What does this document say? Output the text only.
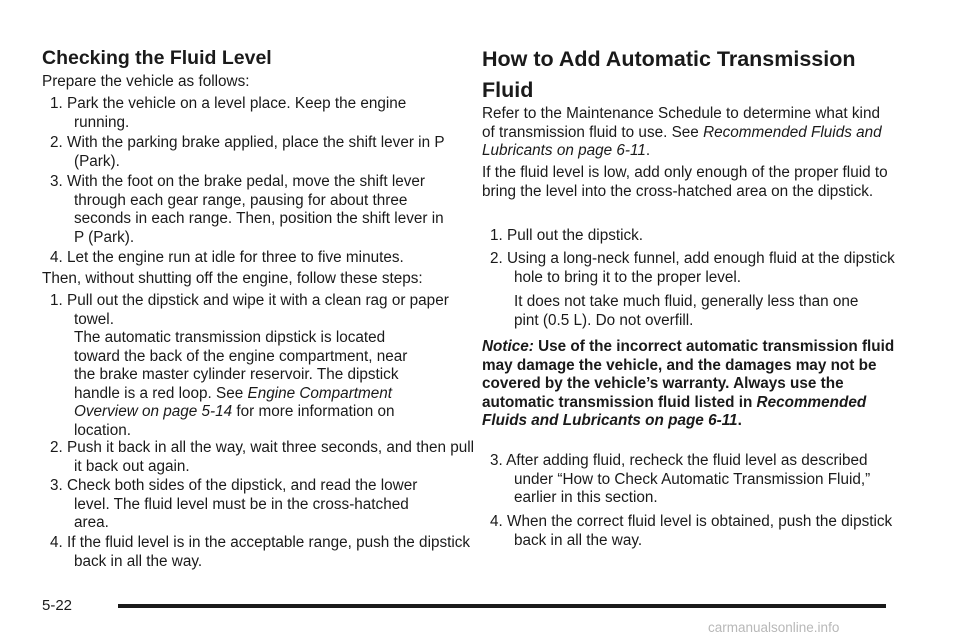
Checking the Fluid Level

Prepare the vehicle as follows:

1. Park the vehicle on a level place. Keep the engine running.

2. With the parking brake applied, place the shift lever in P (Park).

3. With the foot on the brake pedal, move the shift lever through each gear range, pausing for about three seconds in each range. Then, position the shift lever in P (Park).

4. Let the engine run at idle for three to five minutes.

Then, without shutting off the engine, follow these steps:

1. Pull out the dipstick and wipe it with a clean rag or paper towel.

The automatic transmission dipstick is located toward the back of the engine compartment, near the brake master cylinder reservoir. The dipstick handle is a red loop. See Engine Compartment Overview on page 5-14 for more information on location.

2. Push it back in all the way, wait three seconds, and then pull it back out again.

3. Check both sides of the dipstick, and read the lower level. The fluid level must be in the cross-hatched area.

4. If the fluid level is in the acceptable range, push the dipstick back in all the way.

How to Add Automatic Transmission Fluid

Refer to the Maintenance Schedule to determine what kind of transmission fluid to use. See Recommended Fluids and Lubricants on page 6-11.

If the fluid level is low, add only enough of the proper fluid to bring the level into the cross-hatched area on the dipstick.

1. Pull out the dipstick.

2. Using a long-neck funnel, add enough fluid at the dipstick hole to bring it to the proper level.

It does not take much fluid, generally less than one pint (0.5 L). Do not overfill.

Notice: Use of the incorrect automatic transmission fluid may damage the vehicle, and the damages may not be covered by the vehicle’s warranty. Always use the automatic transmission fluid listed in Recommended Fluids and Lubricants on page 6-11.

3. After adding fluid, recheck the fluid level as described under “How to Check Automatic Transmission Fluid,” earlier in this section.

4. When the correct fluid level is obtained, push the dipstick back in all the way.

5-22
carmanualsonline.info
